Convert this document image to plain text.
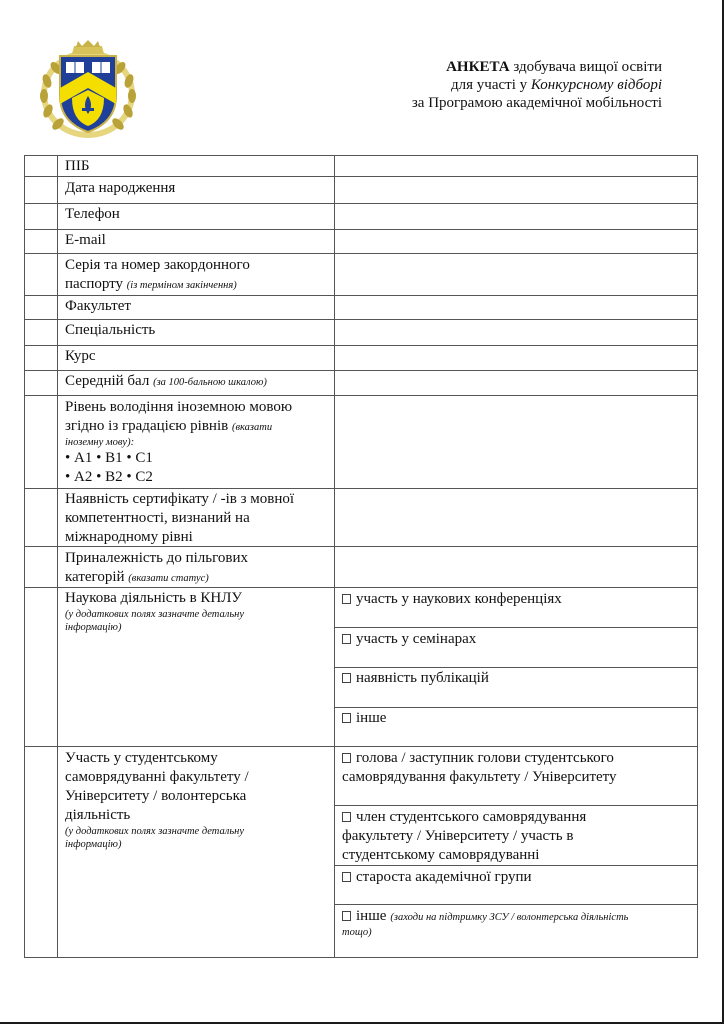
АНКЕТА здобувача вищої освіти
для участі у Конкурсному відборі
за Програмою академічної мобільності
ПІБ
Дата народження
Телефон
E-mail
Серія та номер закордонного
паспорту (із терміном закінчення)
Факультет
Спеціальність
Курс
Середній бал (за 100-бальною шкалою)
Рівень володіння іноземною мовою
згідно із градацією рівнів (вказати
іноземну мову):
• А1 • В1 • С1
• А2 • В2 • С2
Наявність сертифікату / -ів з мовної
компетентності, визнаний на
міжнародному рівні
Приналежність до пільгових
категорій (вказати статус)
Наукова діяльність в КНЛУ
(у додаткових полях зазначте детальну
інформацію)
участь у наукових конференціях
участь у семінарах
наявність публікацій
інше
Участь у студентському
самоврядуванні факультету /
Університету / волонтерська
діяльність
(у додаткових полях зазначте детальну
інформацію)
голова / заступник голови студентського
самоврядування факультету / Університету
член студентського самоврядування
факультету / Університету / участь в
студентському самоврядуванні
староста академічної групи
інше (заходи на підтримку ЗСУ / волонтерська діяльність
тощо)
